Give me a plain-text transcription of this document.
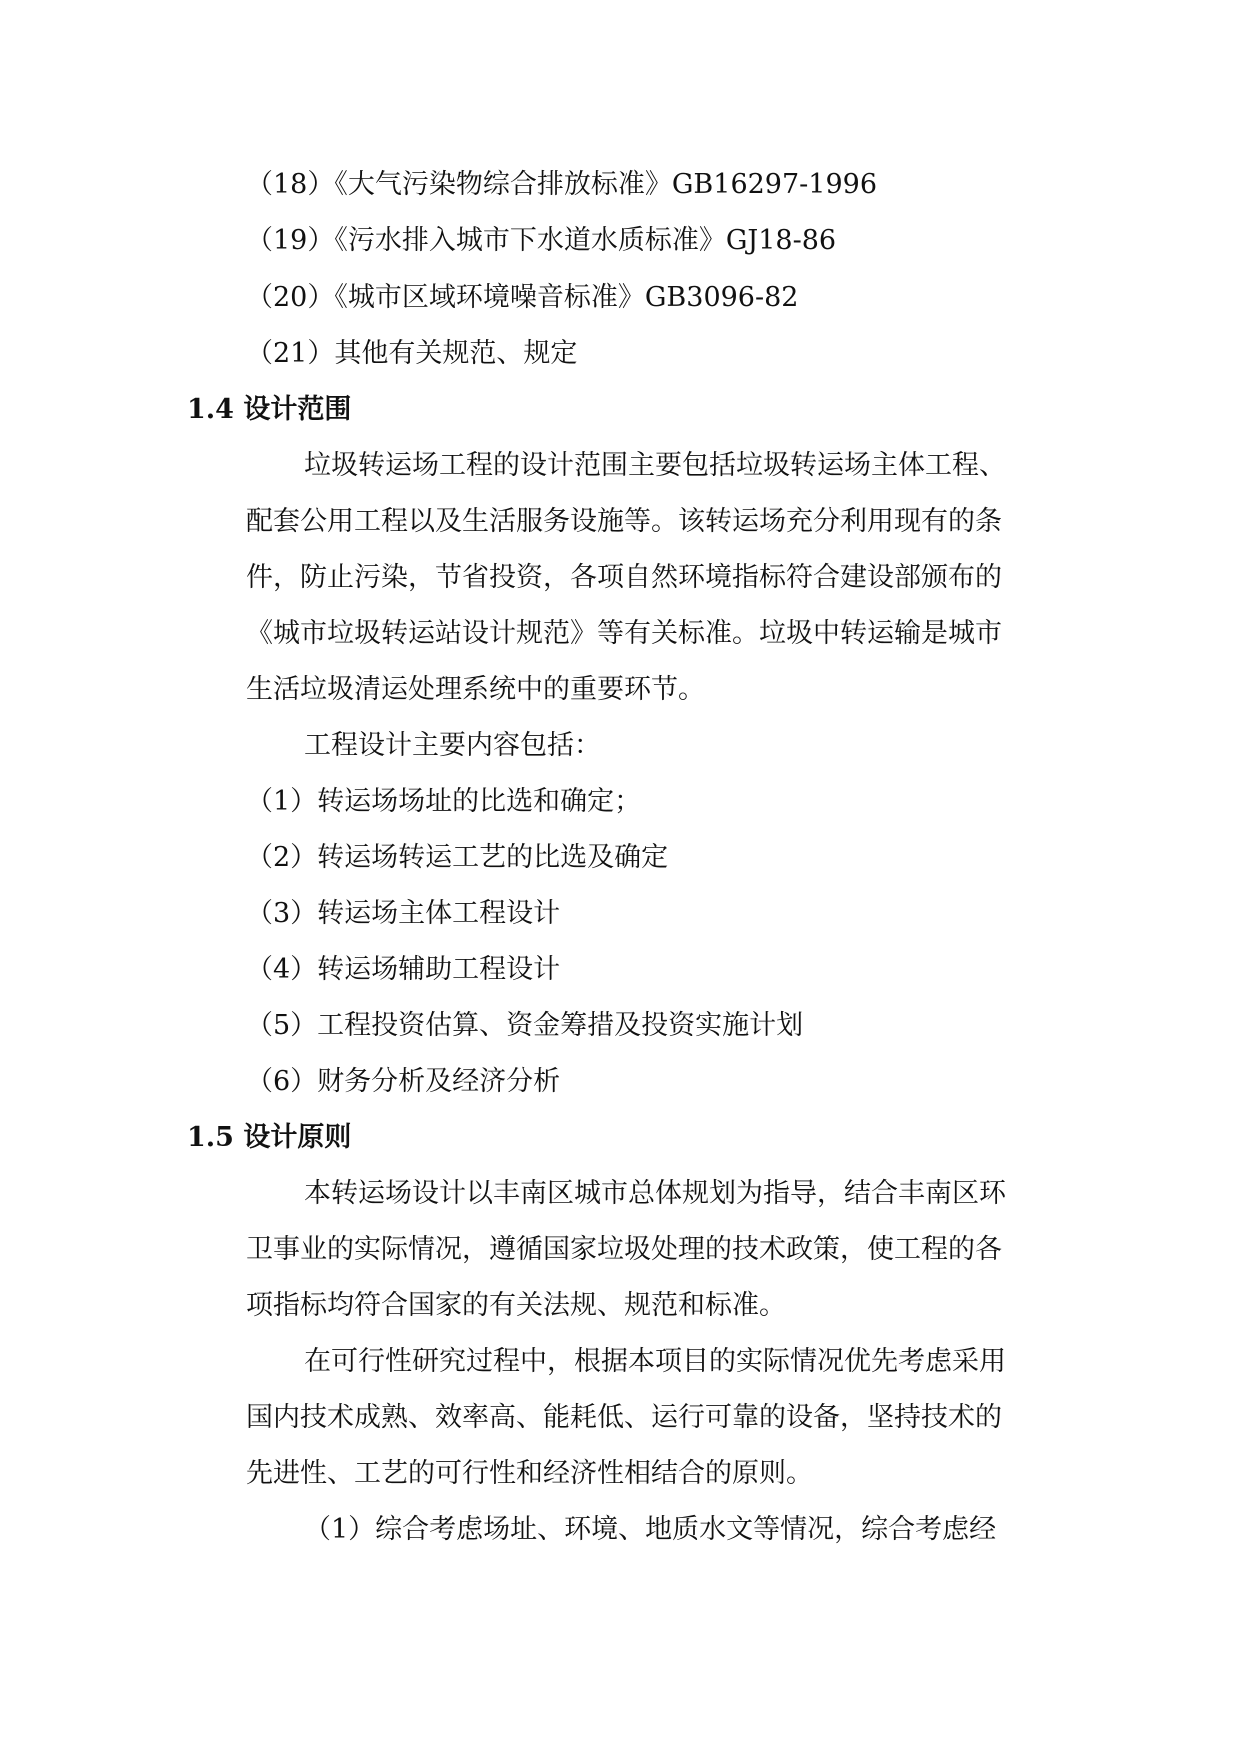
（18）《大气污染物综合排放标准》GB16297-1996

（19）《污水排入城市下水道水质标准》GJ18-86

（20）《城市区域环境噪音标准》GB3096-82

（21）其他有关规范、规定

1.4 设计范围

垃圾转运场工程的设计范围主要包括垃圾转运场主体工程、

配套公用工程以及生活服务设施等。该转运场充分利用现有的条

件，防止污染，节省投资，各项自然环境指标符合建设部颁布的

《城市垃圾转运站设计规范》等有关标准。垃圾中转运输是城市

生活垃圾清运处理系统中的重要环节。

工程设计主要内容包括：

（1）转运场场址的比选和确定；

（2）转运场转运工艺的比选及确定

（3）转运场主体工程设计

（4）转运场辅助工程设计

（5）工程投资估算、资金筹措及投资实施计划

（6）财务分析及经济分析

1.5 设计原则

本转运场设计以丰南区城市总体规划为指导，结合丰南区环

卫事业的实际情况，遵循国家垃圾处理的技术政策，使工程的各

项指标均符合国家的有关法规、规范和标准。

在可行性研究过程中，根据本项目的实际情况优先考虑采用

国内技术成熟、效率高、能耗低、运行可靠的设备，坚持技术的

先进性、工艺的可行性和经济性相结合的原则。

（1）综合考虑场址、环境、地质水文等情况，综合考虑经
